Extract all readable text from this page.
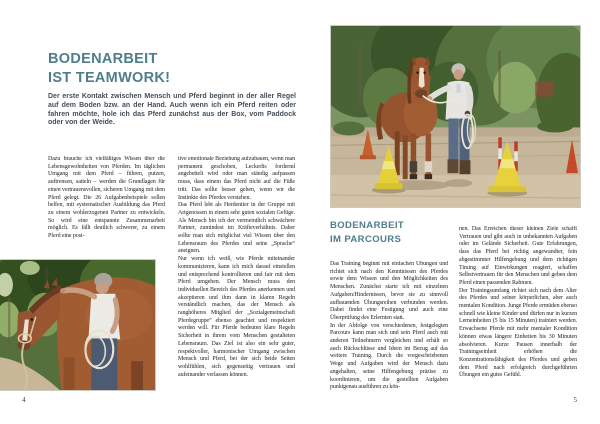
BODENARBEIT
IST TEAMWORK!

Der erste Kontakt zwischen Mensch und Pferd beginnt in der aller Regel auf dem Boden bzw. an der Hand. Auch wenn ich ein Pferd reiten oder fahren möchte, hole ich das Pferd zunächst aus der Box, vom Paddock oder von der Weide.

Dazu brauche ich vielfältiges Wissen über die Lebensgewohnheiten von Pferden. Im täglichen Umgang mit dem Pferd – führen, putzen, auftrensen, satteln – werden die Grundlagen für einen vertrauensvollen, sicheren Umgang mit dem Pferd gelegt. Die 26 Aufgabenbeispiele sollen helfen, mit systematischer Ausbildung das Pferd zu einem wohlerzogenen Partner zu entwickeln. So wird eine entspannte Zusammenarbeit möglich. Es fällt deutlich schwerer, zu einem Pferd eine posi-

tive emotionale Beziehung aufzubauen, wenn man permanent geschoben, Leckerlis fordernd angebettelt wird oder man ständig aufpassen muss, dass einem das Pferd nicht auf die Füße tritt. Das sollte besser gehen, wenn wir die Instinkte des Pferdes verstehen.

Das Pferd lebt als Herdentier in der Gruppe mit Artgenossen in einem sehr guten sozialen Gefüge. Als Mensch bin ich der vermeintlich schwächere Partner, zumindest im Kräfteverhältnis. Daher sollte man sich möglichst viel Wissen über den Lebensraum des Pferdes und seine „Sprache“ aneignen.

Nur wenn ich weiß, wie Pferde miteinander kommunizieren, kann ich mich darauf einstellen und entsprechend kontrollieren und fair mit dem Pferd umgehen. Der Mensch muss den individuellen Bereich des Pferdes anerkennen und akzeptieren und ihm dann in klaren Regeln verständlich machen, das der Mensch als ranghöheres Mitglied der „Sozialgemeinschaft Pferdegruppe“ ebenso geachtet und respektiert werden will. Für Pferde bedeuten klare Regeln Sicherheit in ihrem vom Menschen gestalteten Lebensraum. Das Ziel ist also ein sehr guter, respektvoller, harmonischer Umgang zwischen Mensch und Pferd, bei der sich beide Seiten wohlfühlen, sich gegenseitig vertrauen und aufeinander verlassen können.

4
BODENARBEIT
IM PARCOURS

Das Training beginnt mit einfachen Übungen und richtet sich nach den Kenntnissen des Pferdes sowie dem Wissen und den Möglichkeiten des Menschen. Zunächst starte ich mit einzelnen Aufgaben/Hindernissen, bevor sie zu sinnvoll aufbauenden Übungsreihen verbunden werden. Dabei findet eine Festigung und auch eine Überprüfung des Erlernten statt.

In der Abfolge von verschiedenen, festgelegten Parcours kann man sich und sein Pferd auch mit anderen Teilnehmern vergleichen und erhält so auch Rückschlüsse und Ideen im Bezug auf das weitere Training. Durch die vorgeschriebenen Wege und Aufgaben wird der Mensch dazu angehalten, seine Hilfengebung präzise zu koordinieren, um die gestellten Aufgaben punktgenau ausführen zu kön-

nen. Das Erreichen dieser kleinen Ziele schafft Vertrauen und gibt auch in unbekannten Aufgaben oder im Gelände Sicherheit. Gute Erfahrungen, dass das Pferd bei richtig angewandter, fein abgestimmter Hilfengebung und dem richtigen Timing auf Einwirkungen reagiert, schaffen Selbstvertrauen für den Menschen und geben dem Pferd einen passenden Rahmen.

Der Trainingsumfang richtet sich nach dem Alter des Pferdes und seiner körperlichen, aber auch mentalen Kondition. Junge Pferde ermüden ebenso schnell wie kleine Kinder und dürfen nur in kurzen Lerneinheiten (5 bis 15 Minuten) trainiert werden. Erwachsene Pferde mit mehr mentaler Kondition können etwas längere Einheiten bis 30 Minuten absolvieren. Kurze Pausen innerhalb der Trainingseinheit erhöhen die Konzentrationsfähigkeit des Pferdes und geben dem Pferd nach erfolgreich durchgeführten Übungen ein gutes Gefühl.

5
